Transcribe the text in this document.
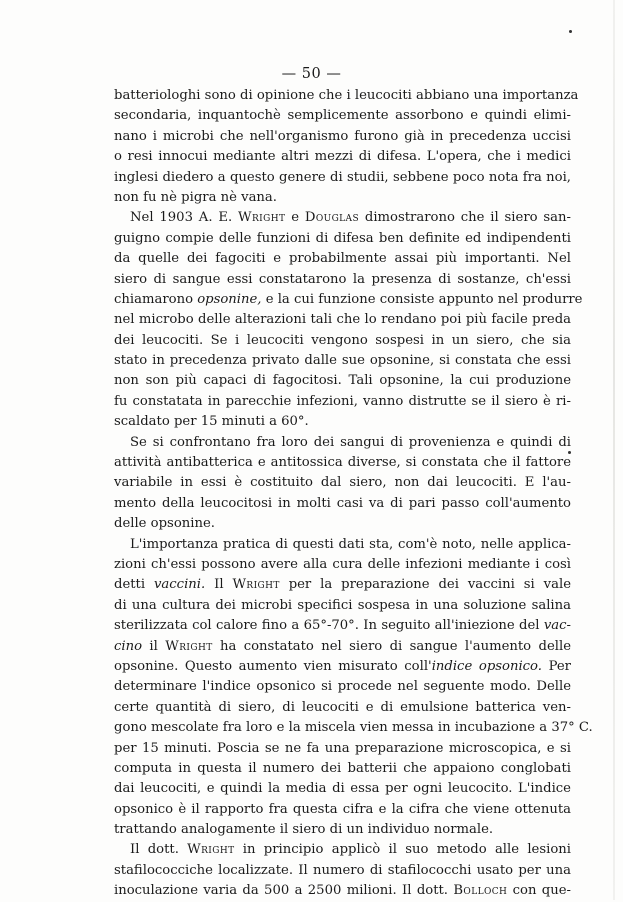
— 50 —
batteriologhi sono di opinione che i leucociti abbiano una importanza
secondaria, inquantochè semplicemente assorbono e quindi elimi-
nano i microbi che nell'organismo furono già in precedenza uccisi
o resi innocui mediante altri mezzi di difesa. L'opera, che i medici
inglesi diedero a questo genere di studii, sebbene poco nota fra noi,
non fu nè pigra nè vana.
Nel 1903 A. E. Wright e Douglas dimostrarono che il siero san-
guigno compie delle funzioni di difesa ben definite ed indipendenti
da quelle dei fagociti e probabilmente assai più importanti. Nel
siero di sangue essi constatarono la presenza di sostanze, ch'essi
chiamarono opsonine, e la cui funzione consiste appunto nel produrre
nel microbo delle alterazioni tali che lo rendano poi più facile preda
dei leucociti. Se i leucociti vengono sospesi in un siero, che sia
stato in precedenza privato dalle sue opsonine, si constata che essi
non son più capaci di fagocitosi. Tali opsonine, la cui produzione
fu constatata in parecchie infezioni, vanno distrutte se il siero è ri-
scaldato per 15 minuti a 60°.
Se si confrontano fra loro dei sangui di provenienza e quindi di
attività antibatterica e antitossica diverse, si constata che il fattore
variabile in essi è costituito dal siero, non dai leucociti. E l'au-
mento della leucocitosi in molti casi va di pari passo coll'aumento
delle opsonine.
L'importanza pratica di questi dati sta, com'è noto, nelle applica-
zioni ch'essi possono avere alla cura delle infezioni mediante i così
detti vaccini. Il Wright per la preparazione dei vaccini si vale
di una cultura dei microbi specifici sospesa in una soluzione salina
sterilizzata col calore fino a 65°-70°. In seguito all'iniezione del vac-
cino il Wright ha constatato nel siero di sangue l'aumento delle
opsonine. Questo aumento vien misurato coll'indice opsonico. Per
determinare l'indice opsonico si procede nel seguente modo. Delle
certe quantità di siero, di leucociti e di emulsione batterica ven-
gono mescolate fra loro e la miscela vien messa in incubazione a 37° C.
per 15 minuti. Poscia se ne fa una preparazione microscopica, e si
computa in questa il numero dei batterii che appaiono conglobati
dai leucociti, e quindi la media di essa per ogni leucocito. L'indice
opsonico è il rapporto fra questa cifra e la cifra che viene ottenuta
trattando analogamente il siero di un individuo normale.
Il dott. Wright in principio applicò il suo metodo alle lesioni
stafilococciche localizzate. Il numero di stafilococchi usato per una
inoculazione varia da 500 a 2500 milioni. Il dott. Bolloch con que-
